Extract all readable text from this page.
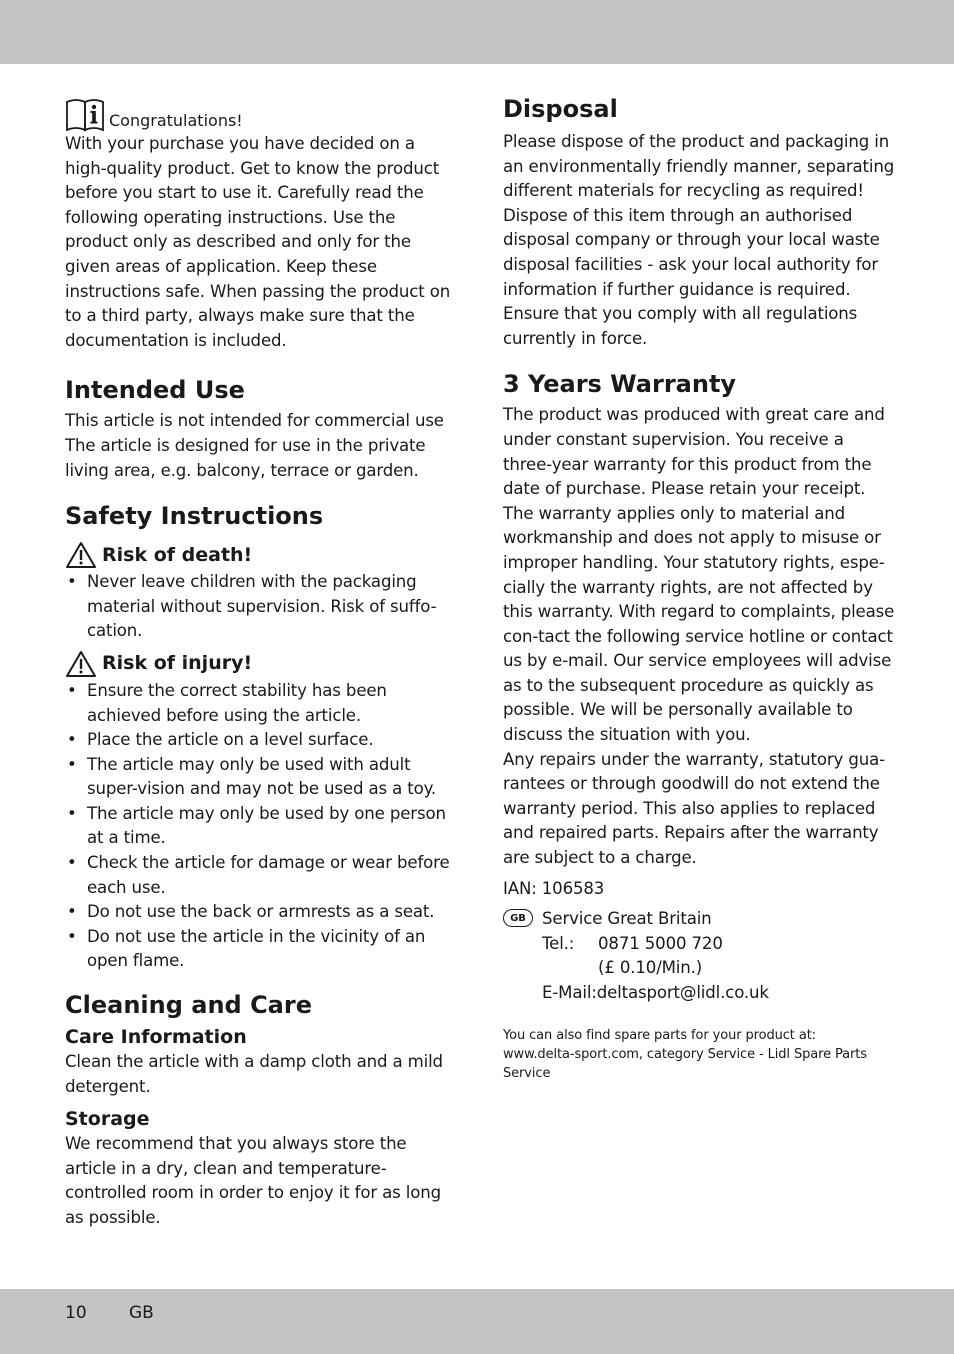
Congratulations!

With your purchase you have decided on a high-quality product. Get to know the product before you start to use it. Carefully read the following operating instructions. Use the product only as described and only for the given areas of application. Keep these instructions safe. When passing the product on to a third party, always make sure that the documentation is included.

Intended Use

This article is not intended for commercial use The article is designed for use in the private living area, e.g. balcony, terrace or garden.

Safety Instructions
Risk of death!
• Never leave children with the packaging material without supervision. Risk of suffo-cation.
Risk of injury!
• Ensure the correct stability has been achieved before using the article.
• Place the article on a level surface.
• The article may only be used with adult super-vision and may not be used as a toy.
• The article may only be used by one person at a time.
• Check the article for damage or wear before each use.
• Do not use the back or armrests as a seat.
• Do not use the article in the vicinity of an open flame.
Cleaning and Care
Care Information

Clean the article with a damp cloth and a mild detergent.

Storage

We recommend that you always store the article in a dry, clean and temperature-controlled room in order to enjoy it for as long as possible.

Disposal

Please dispose of the product and packaging in an environmentally friendly manner, separating different materials for recycling as required! Dispose of this item through an authorised disposal company or through your local waste disposal facilities - ask your local authority for information if further guidance is required. Ensure that you comply with all regulations currently in force.

3 Years Warranty

The product was produced with great care and under constant supervision. You receive a three-year warranty for this product from the date of purchase. Please retain your receipt.

The warranty applies only to material and workmanship and does not apply to misuse or improper handling. Your statutory rights, espe-cially the warranty rights, are not affected by this warranty. With regard to complaints, please con-tact the following service hotline or contact us by e-mail. Our service employees will advise as to the subsequent procedure as quickly as possible. We will be personally available to discuss the situation with you.

Any repairs under the warranty, statutory gua-rantees or through goodwill do not extend the warranty period. This also applies to replaced and repaired parts. Repairs after the warranty are subject to a charge.

IAN: 106583

GB Service Great Britain

Tel.:	0871 5000 720

(£ 0.10/Min.)

E-Mail:deltasport@lidl.co.uk

You can also find spare parts for your product at:

www.delta-sport.com, category Service - Lidl Spare Parts Service

10 GB
